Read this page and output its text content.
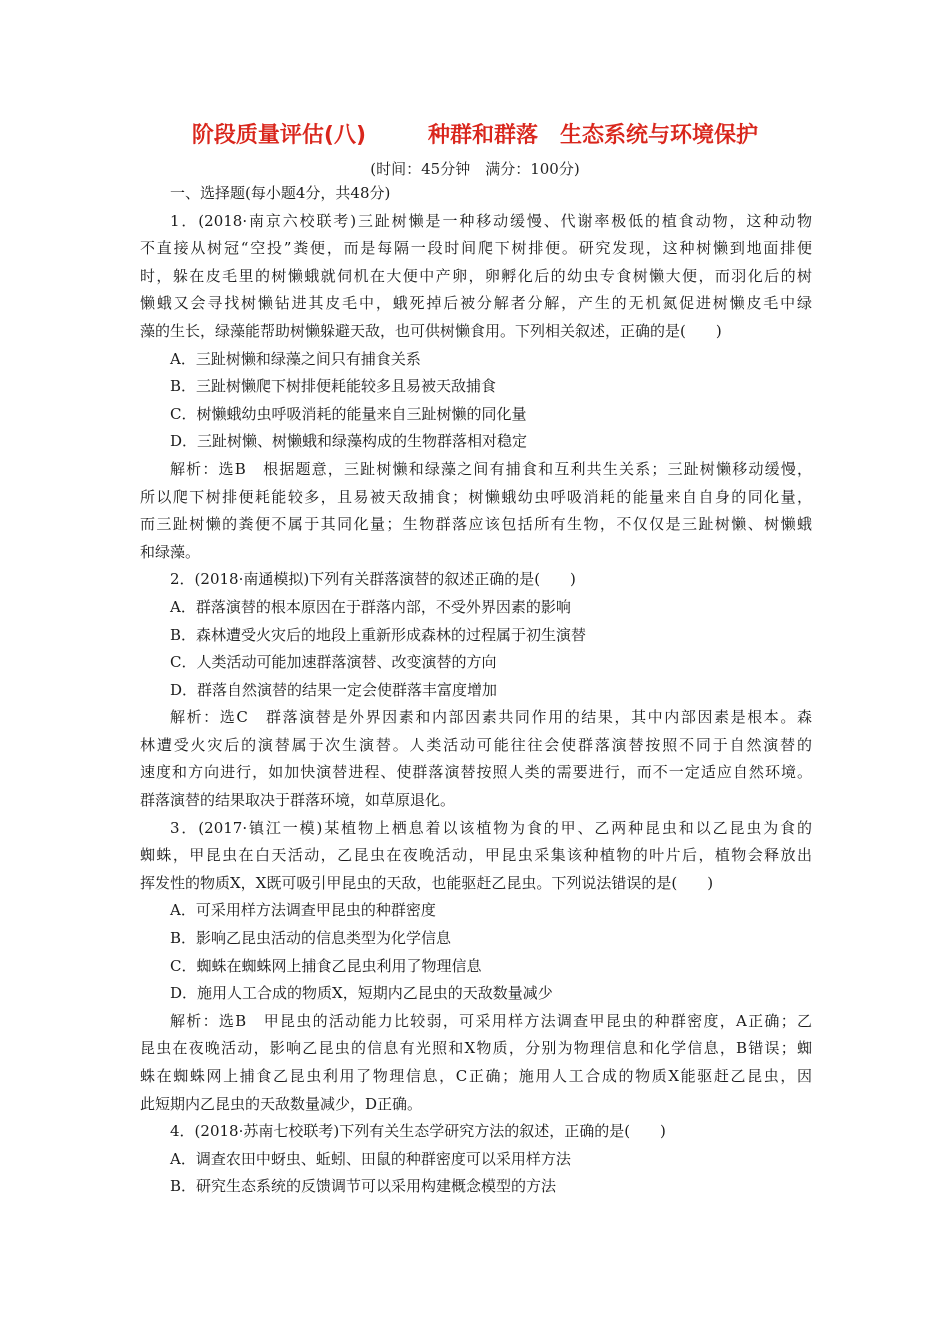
阶段质量评估(八)	种群和群落　生态系统与环境保护
(时间：45分钟　满分：100分)
一、选择题(每小题4分，共48分)
1．(2018·南京六校联考)三趾树懒是一种移动缓慢、代谢率极低的植食动物，这种动物
不直接从树冠“空投”粪便，而是每隔一段时间爬下树排便。研究发现，这种树懒到地面排便
时，躲在皮毛里的树懒蛾就伺机在大便中产卵，卵孵化后的幼虫专食树懒大便，而羽化后的树
懒蛾又会寻找树懒钻进其皮毛中，蛾死掉后被分解者分解，产生的无机氮促进树懒皮毛中绿
藻的生长，绿藻能帮助树懒躲避天敌，也可供树懒食用。下列相关叙述，正确的是(　　)
A．三趾树懒和绿藻之间只有捕食关系
B．三趾树懒爬下树排便耗能较多且易被天敌捕食
C．树懒蛾幼虫呼吸消耗的能量来自三趾树懒的同化量
D．三趾树懒、树懒蛾和绿藻构成的生物群落相对稳定
解析：选B　根据题意，三趾树懒和绿藻之间有捕食和互利共生关系；三趾树懒移动缓慢，
所以爬下树排便耗能较多，且易被天敌捕食；树懒蛾幼虫呼吸消耗的能量来自自身的同化量，
而三趾树懒的粪便不属于其同化量；生物群落应该包括所有生物，不仅仅是三趾树懒、树懒蛾
和绿藻。
2．(2018·南通模拟)下列有关群落演替的叙述正确的是(　　)
A．群落演替的根本原因在于群落内部，不受外界因素的影响
B．森林遭受火灾后的地段上重新形成森林的过程属于初生演替
C．人类活动可能加速群落演替、改变演替的方向
D．群落自然演替的结果一定会使群落丰富度增加
解析：选C　群落演替是外界因素和内部因素共同作用的结果，其中内部因素是根本。森
林遭受火灾后的演替属于次生演替。人类活动可能往往会使群落演替按照不同于自然演替的
速度和方向进行，如加快演替进程、使群落演替按照人类的需要进行，而不一定适应自然环境。
群落演替的结果取决于群落环境，如草原退化。
3．(2017·镇江一模)某植物上栖息着以该植物为食的甲、乙两种昆虫和以乙昆虫为食的
蜘蛛，甲昆虫在白天活动，乙昆虫在夜晚活动，甲昆虫采集该种植物的叶片后，植物会释放出
挥发性的物质X，X既可吸引甲昆虫的天敌，也能驱赶乙昆虫。下列说法错误的是(　　)
A．可采用样方法调查甲昆虫的种群密度
B．影响乙昆虫活动的信息类型为化学信息
C．蜘蛛在蜘蛛网上捕食乙昆虫利用了物理信息
D．施用人工合成的物质X，短期内乙昆虫的天敌数量减少
解析：选B　甲昆虫的活动能力比较弱，可采用样方法调查甲昆虫的种群密度，A正确；乙
昆虫在夜晚活动，影响乙昆虫的信息有光照和X物质，分别为物理信息和化学信息，B错误；蜘
蛛在蜘蛛网上捕食乙昆虫利用了物理信息，C正确；施用人工合成的物质X能驱赶乙昆虫，因
此短期内乙昆虫的天敌数量减少，D正确。
4．(2018·苏南七校联考)下列有关生态学研究方法的叙述，正确的是(　　)
A．调查农田中蚜虫、蚯蚓、田鼠的种群密度可以采用样方法
B．研究生态系统的反馈调节可以采用构建概念模型的方法
